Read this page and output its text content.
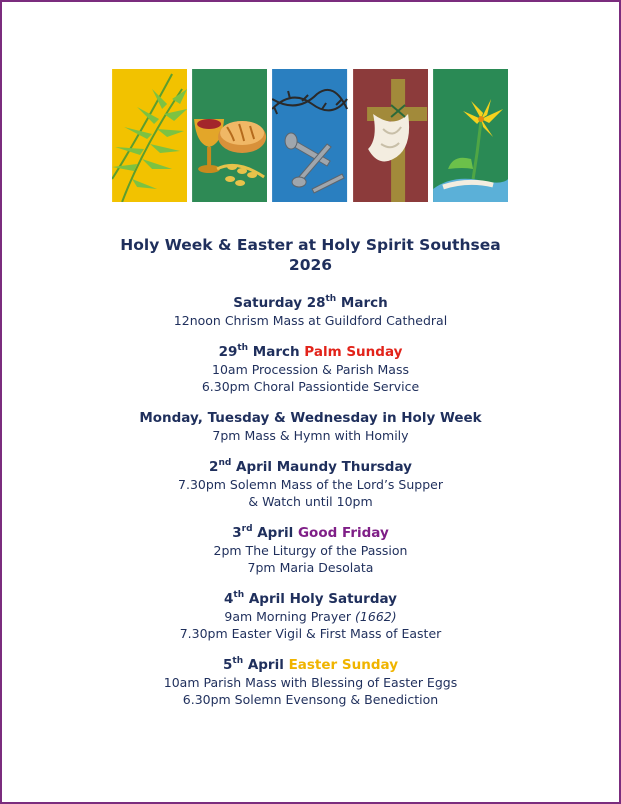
Holy Week & Easter at Holy Spirit Southsea
2026
Saturday 28th March
12noon Chrism Mass at Guildford Cathedral
29th March Palm Sunday
10am Procession & Parish Mass
6.30pm Choral Passiontide Service
Monday, Tuesday & Wednesday in Holy Week
7pm Mass & Hymn with Homily
2nd April Maundy Thursday
7.30pm Solemn Mass of the Lord’s Supper
& Watch until 10pm
3rd April Good Friday
2pm The Liturgy of the Passion
7pm Maria Desolata
4th April Holy Saturday
9am Morning Prayer (1662)
7.30pm Easter Vigil & First Mass of Easter
5th April Easter Sunday
10am Parish Mass with Blessing of Easter Eggs
6.30pm Solemn Evensong & Benediction
